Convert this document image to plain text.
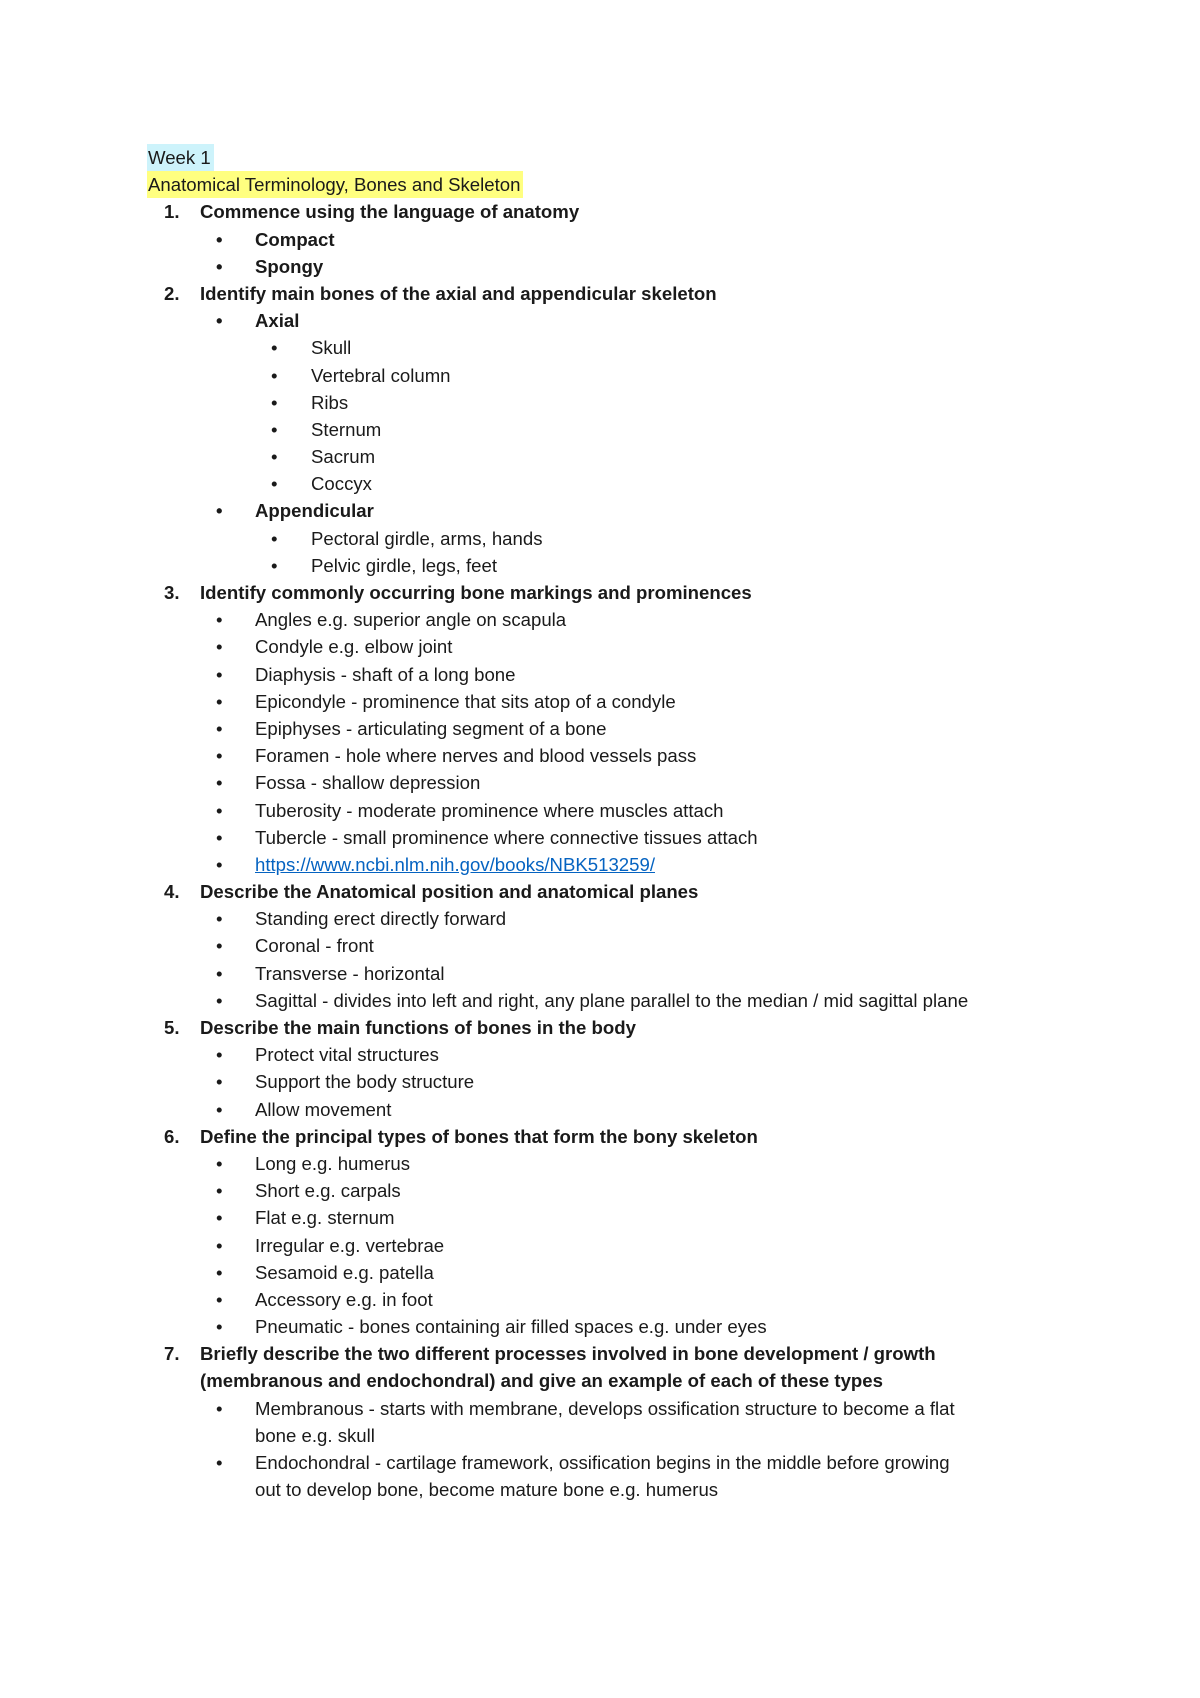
Week 1
Anatomical Terminology, Bones and Skeleton
1. Commence using the language of anatomy
• Compact
• Spongy
2. Identify main bones of the axial and appendicular skeleton
• Axial
• Skull
• Vertebral column
• Ribs
• Sternum
• Sacrum
• Coccyx
• Appendicular
• Pectoral girdle, arms, hands
• Pelvic girdle, legs, feet
3. Identify commonly occurring bone markings and prominences
• Angles e.g. superior angle on scapula
• Condyle e.g. elbow joint
• Diaphysis - shaft of a long bone
• Epicondyle - prominence that sits atop of a condyle
• Epiphyses - articulating segment of a bone
• Foramen - hole where nerves and blood vessels pass
• Fossa - shallow depression
• Tuberosity - moderate prominence where muscles attach
• Tubercle - small prominence where connective tissues attach
• https://www.ncbi.nlm.nih.gov/books/NBK513259/
4. Describe the Anatomical position and anatomical planes
• Standing erect directly forward
• Coronal - front
• Transverse - horizontal
• Sagittal - divides into left and right, any plane parallel to the median / mid sagittal plane
5. Describe the main functions of bones in the body
• Protect vital structures
• Support the body structure
• Allow movement
6. Define the principal types of bones that form the bony skeleton
• Long e.g. humerus
• Short e.g. carpals
• Flat e.g. sternum
• Irregular e.g. vertebrae
• Sesamoid e.g. patella
• Accessory e.g. in foot
• Pneumatic - bones containing air filled spaces e.g. under eyes
7. Briefly describe the two different processes involved in bone development / growth
(membranous and endochondral) and give an example of each of these types
• Membranous - starts with membrane, develops ossification structure to become a flat
bone e.g. skull
• Endochondral - cartilage framework, ossification begins in the middle before growing
out to develop bone, become mature bone e.g. humerus
